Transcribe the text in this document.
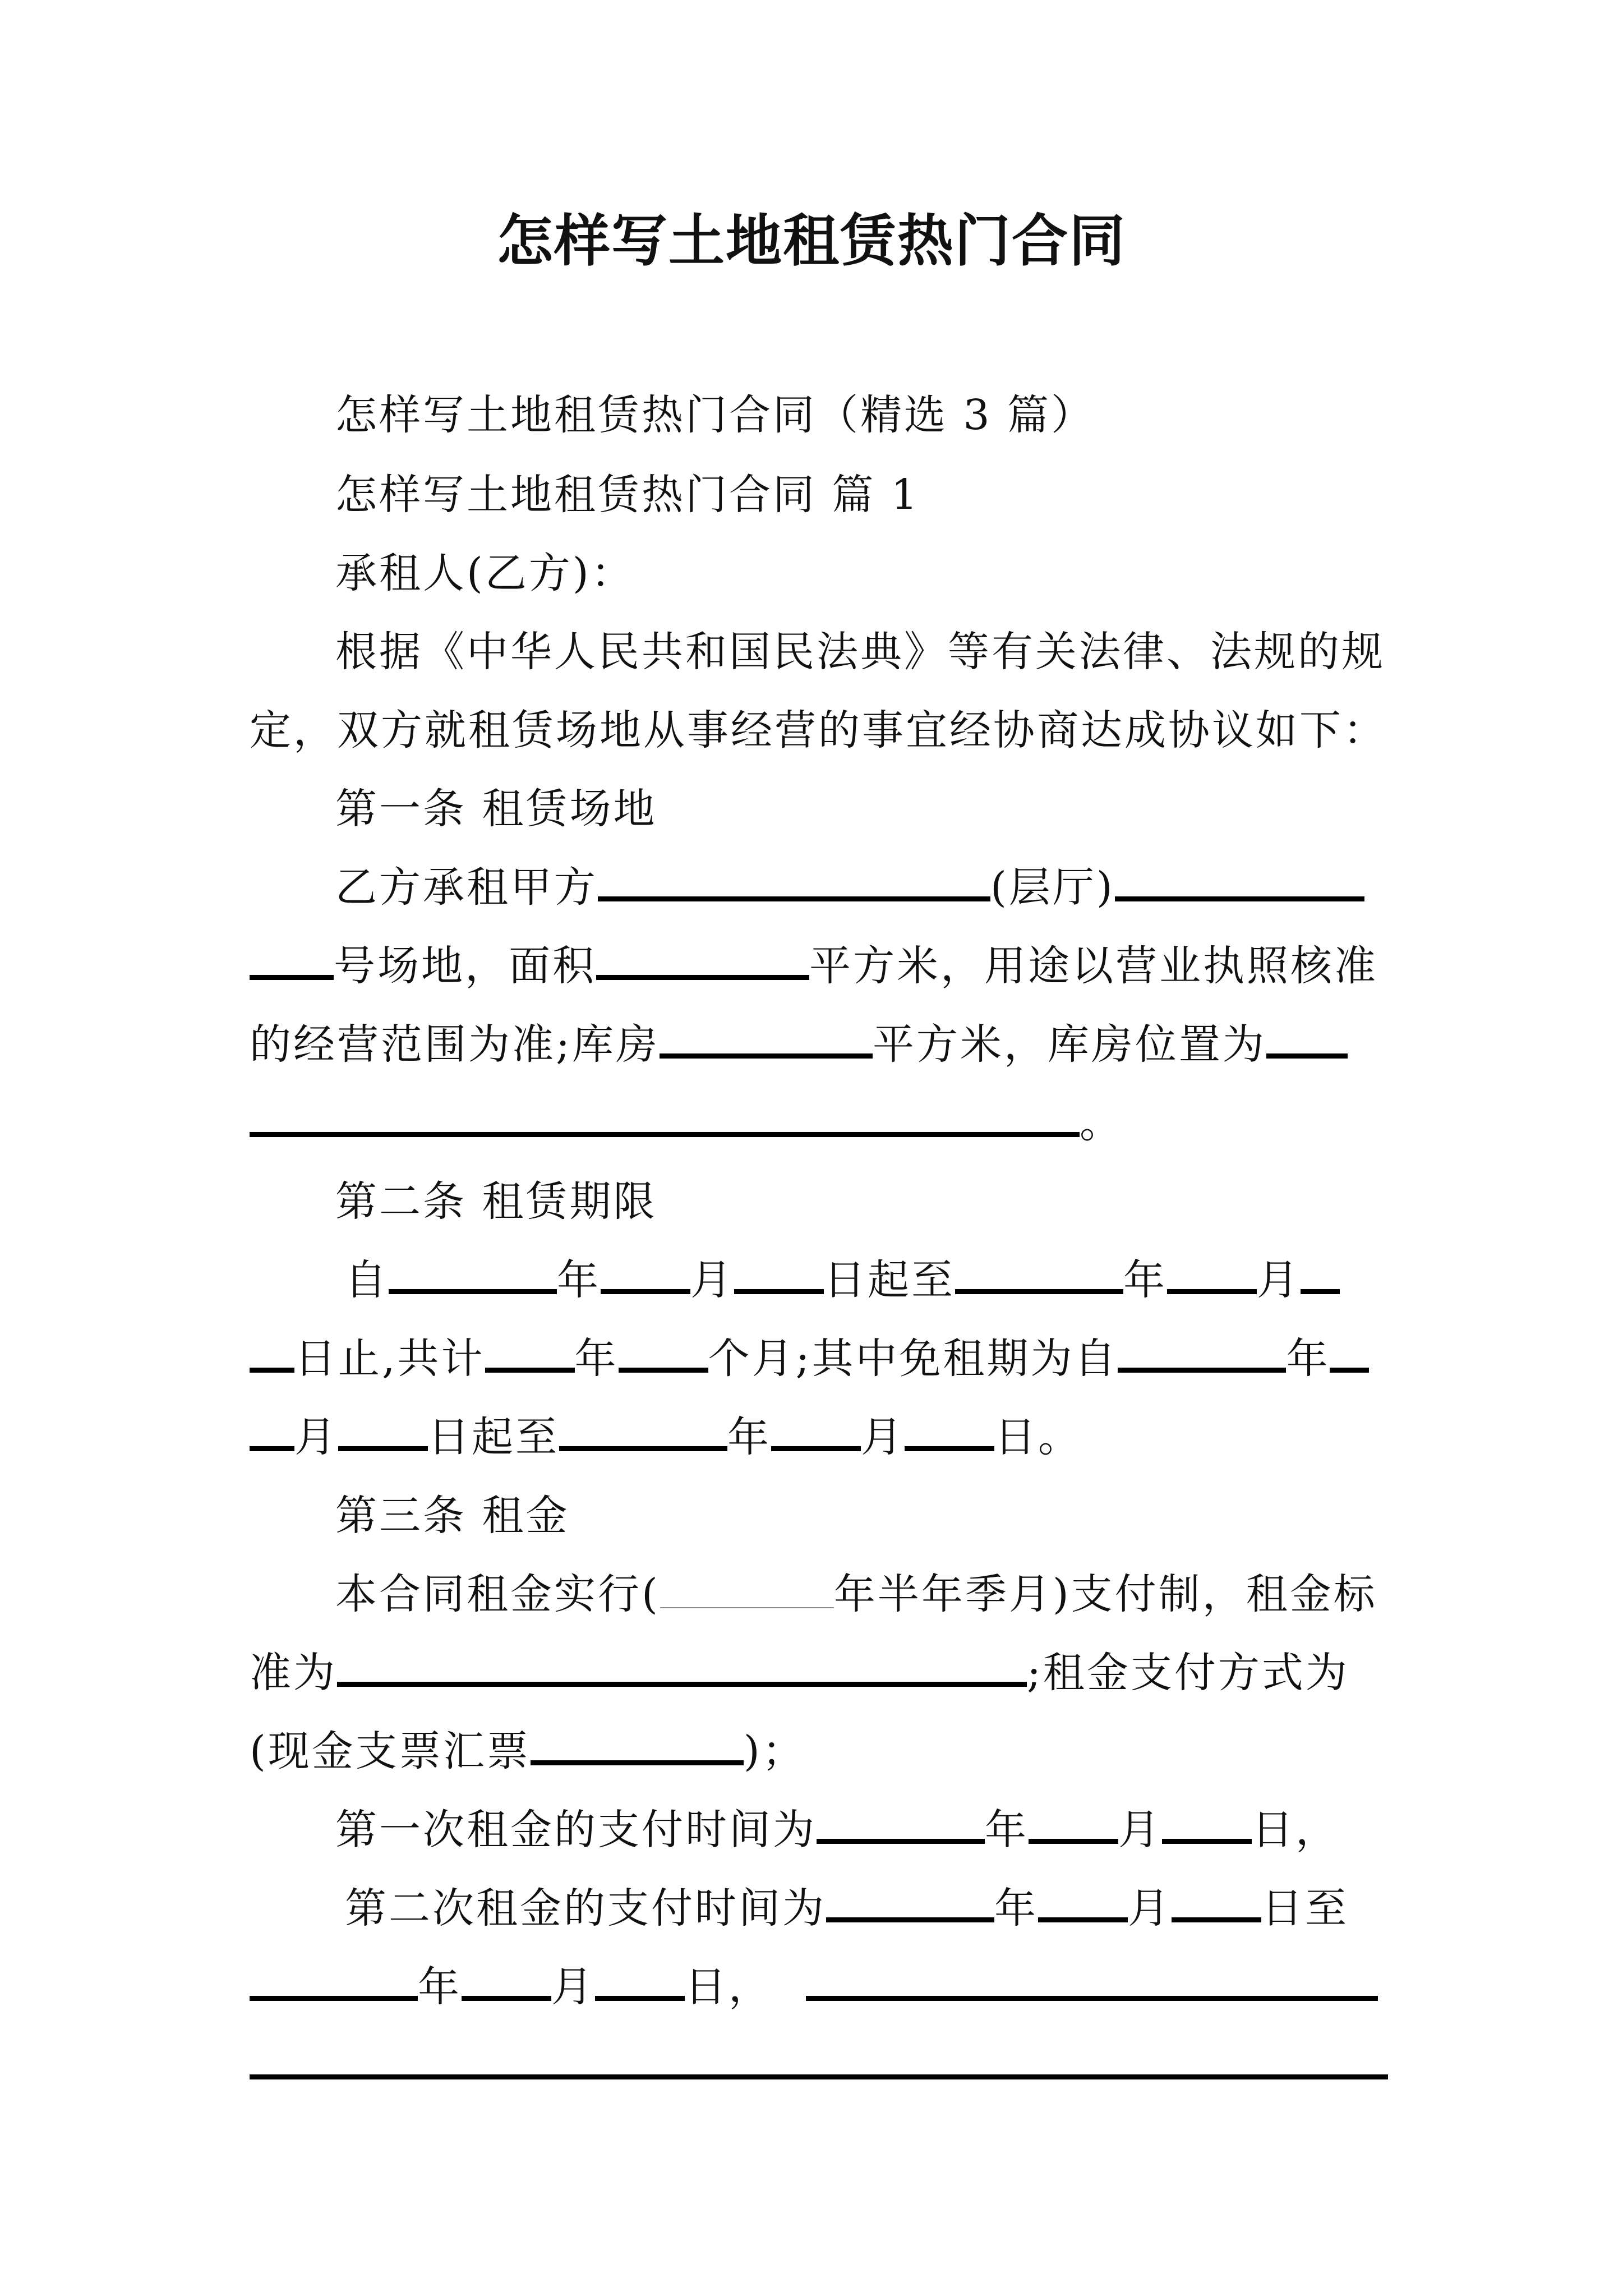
怎样写土地租赁热门合同
怎样写土地租赁热门合同（精选 3 篇）
怎样写土地租赁热门合同 篇 1
承租人(乙方)：
根据《中华人民共和国民法典》等有关法律、法规的规
定，双方就租赁场地从事经营的事宜经协商达成协议如下：
第一条 租赁场地
乙方承租甲方	(层厅)
号场地，面积	平方米，用途以营业执照核准
的经营范围为准;库房	平方米，库房位置为
。
第二条 租赁期限
自	年 月 日起至	年 月
日止,共计 年 个月;其中免租期为自	年
月 日起至	年 月 日。
第三条 租金
本合同租金实行(	年半年季月)支付制，租金标
准为	;租金支付方式为
(现金支票汇票	)；
第一次租金的支付时间为	年 月 日，
第二次租金的支付时间为	年 月 日至
年 月 日，
